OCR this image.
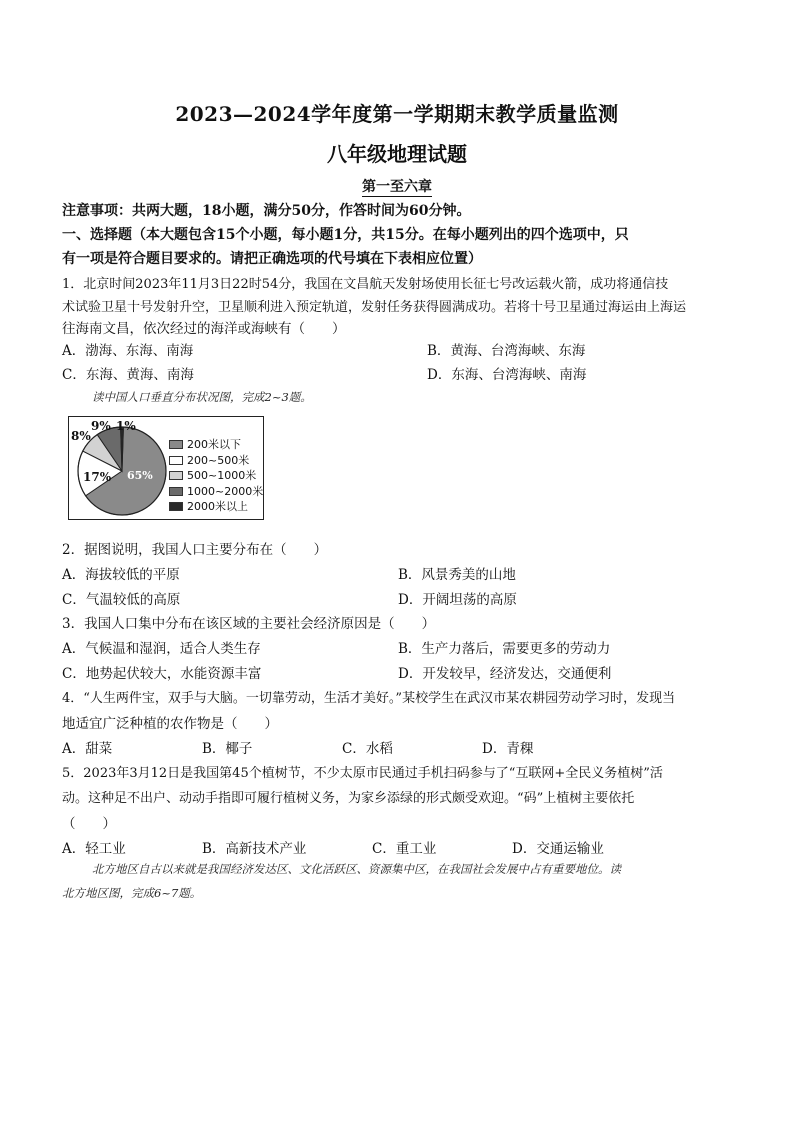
2023—2024学年度第一学期期末教学质量监测
八年级地理试题
第一至六章
注意事项：共两大题，18小题，满分50分，作答时间为60分钟。
一、选择题（本大题包含15个小题，每小题1分，共15分。在每小题列出的四个选项中，只
有一项是符合题目要求的。请把正确选项的代号填在下表相应位置）
1．北京时间2023年11月3日22时54分，我国在文昌航天发射场使用长征七号改运载火箭，成功将通信技
术试验卫星十号发射升空，卫星顺利进入预定轨道，发射任务获得圆满成功。若将十号卫星通过海运由上海运
往海南文昌，依次经过的海洋或海峡有（　　）
A．渤海、东海、南海	B．黄海、台湾海峡、东海
C．东海、黄海、南海	D．东海、台湾海峡、南海
读中国人口垂直分布状况图，完成2~3题。
200米以下
200~500米
500~1000米
1000~2000米
2000米以上
8%
9% 1%
17% 65%
2．据图说明，我国人口主要分布在（　　）
A．海拔较低的平原	B．风景秀美的山地
C．气温较低的高原	D．开阔坦荡的高原
3．我国人口集中分布在该区域的主要社会经济原因是（　　）
A．气候温和湿润，适合人类生存	B．生产力落后，需要更多的劳动力
C．地势起伏较大，水能资源丰富	D．开发较早，经济发达，交通便利
4．“人生两件宝，双手与大脑。一切靠劳动，生活才美好。”某校学生在武汉市某农耕园劳动学习时，发现当
地适宜广泛种植的农作物是（　　）
A．甜菜	B．椰子	C．水稻	D．青稞
5．2023年3月12日是我国第45个植树节，不少太原市民通过手机扫码参与了“互联网+全民义务植树”活
动。这种足不出户、动动手指即可履行植树义务，为家乡添绿的形式颇受欢迎。“码”上植树主要依托
（　　）
A．轻工业	B．高新技术产业	C．重工业	D．交通运输业
北方地区自古以来就是我国经济发达区、文化活跃区、资源集中区，在我国社会发展中占有重要地位。读
北方地区图，完成6~7题。
